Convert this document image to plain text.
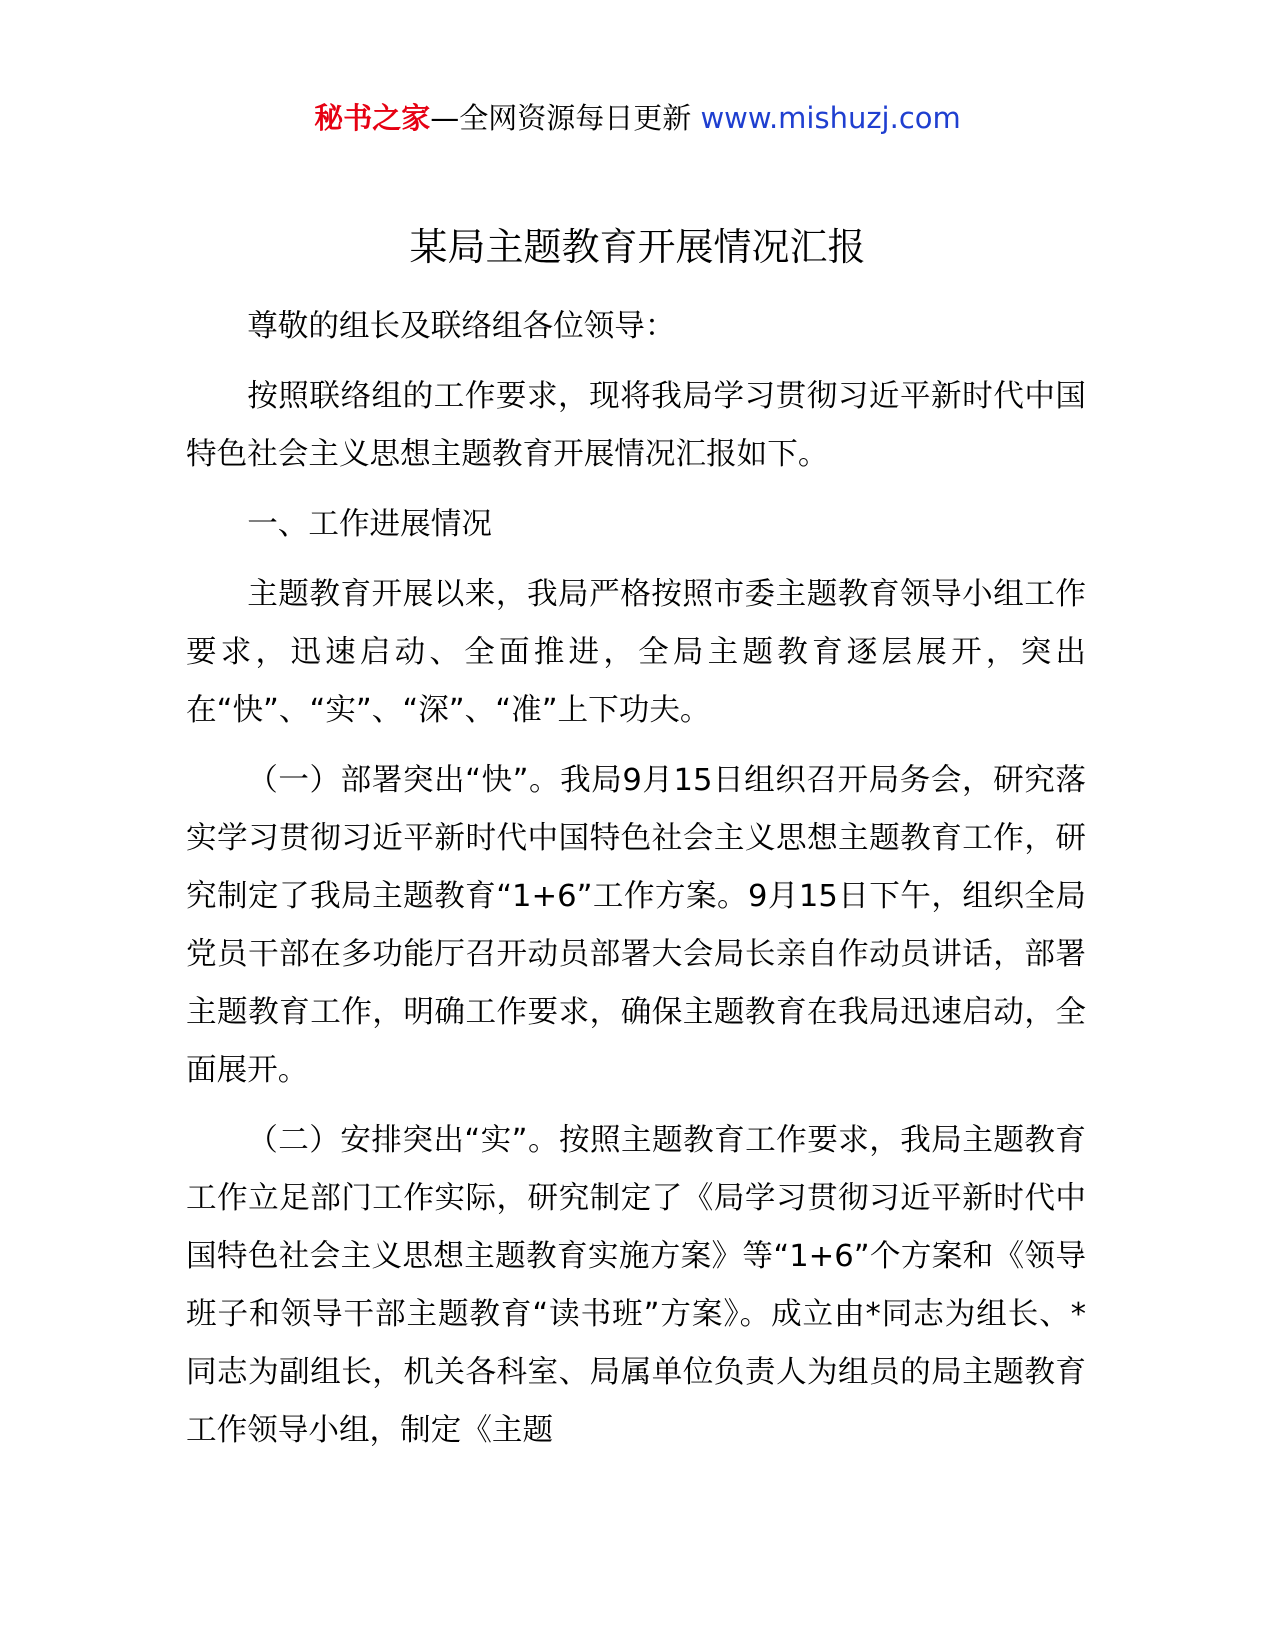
秘书之家—全网资源每日更新 www.mishuzj.com
某局主题教育开展情况汇报

尊敬的组长及联络组各位领导：

按照联络组的工作要求，现将我局学习贯彻习近平新时代中国特色社会主义思想主题教育开展情况汇报如下。

一、工作进展情况

主题教育开展以来，我局严格按照市委主题教育领导小组工作要求，迅速启动、全面推进，全局主题教育逐层展开，突出在“快”、“实”、“深”、“准”上下功夫。

（一）部署突出“快”。我局9月15日组织召开局务会，研究落实学习贯彻习近平新时代中国特色社会主义思想主题教育工作，研究制定了我局主题教育“1+6”工作方案。9月15日下午，组织全局党员干部在多功能厅召开动员部署大会局长亲自作动员讲话，部署主题教育工作，明确工作要求，确保主题教育在我局迅速启动，全面展开。

（二）安排突出“实”。按照主题教育工作要求，我局主题教育工作立足部门工作实际，研究制定了《局学习贯彻习近平新时代中国特色社会主义思想主题教育实施方案》等“1+6”个方案和《领导班子和领导干部主题教育“读书班”方案》。成立由*同志为组长、*同志为副组长，机关各科室、局属单位负责人为组员的局主题教育工作领导小组，制定《主题
